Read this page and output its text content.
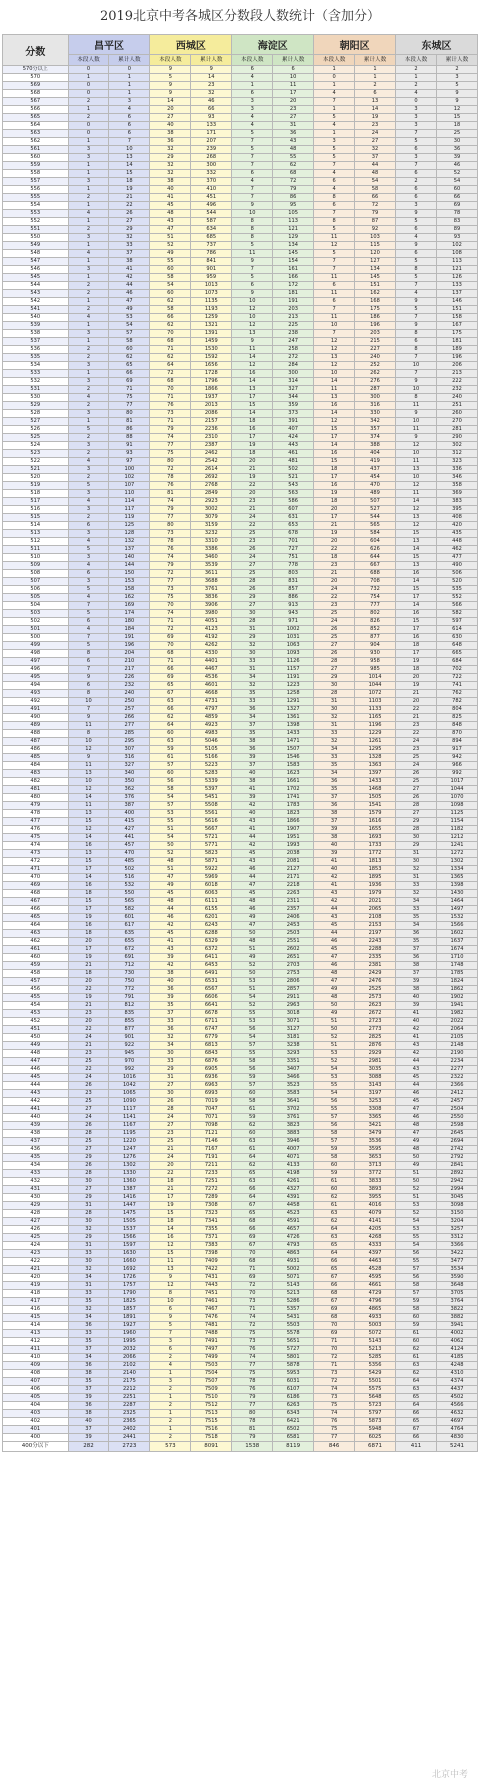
2019北京中考各城区分数段人数统计（含加分）
分数	昌平区		西城区		海淀区		朝阳区		东城区	
	本段人数	累计人数	本段人数	累计人数	本段人数	累计人数	本段人数	累计人数	本段人数	累计人数
570分以上	0	0	9	9	6	6	1	1	2	2
570	1	1	5	14	4	10	0	1	1	3
569	0	1	9	23	1	11	1	2	2	5
568	0	1	9	32	6	17	4	6	4	9
567	2	3	14	46	3	20	7	13	0	9
566	1	4	20	66	3	23	1	14	3	12
565	2	6	27	93	4	27	5	19	3	15
564	0	6	40	133	4	31	4	23	3	18
563	0	6	38	171	5	36	1	24	7	25
562	1	7	36	207	7	43	3	27	5	30
561	3	10	32	239	5	48	5	32	6	36
560	3	13	29	268	7	55	5	37	3	39
559	1	14	32	300	7	62	7	44	7	46
558	1	15	32	332	6	68	4	48	6	52
557	3	18	38	370	4	72	6	54	2	54
556	1	19	40	410	7	79	4	58	6	60
555	2	21	41	451	7	86	8	66	6	66
554	1	22	45	496	9	95	6	72	3	69
553	4	26	48	544	10	105	7	79	9	78
552	1	27	43	587	8	113	8	87	5	83
551	2	29	47	634	8	121	5	92	6	89
550	3	32	51	685	8	129	11	103	4	93
549	1	33	52	737	5	134	12	115	9	102
548	4	37	49	786	11	145	5	120	6	108
547	1	38	55	841	9	154	7	127	5	113
546	3	41	60	901	7	161	7	134	8	121
545	1	42	58	959	5	166	11	145	5	126
544	2	44	54	1013	6	172	6	151	7	133
543	2	46	60	1073	9	181	11	162	4	137
542	1	47	62	1135	10	191	6	168	9	146
541	2	49	58	1193	12	203	7	175	5	151
540	4	53	66	1259	10	213	11	186	7	158
539	1	54	62	1321	12	225	10	196	9	167
538	3	57	70	1391	13	238	7	203	8	175
537	1	58	68	1459	9	247	12	215	6	181
536	2	60	71	1530	11	258	12	227	8	189
535	2	62	62	1592	14	272	13	240	7	196
534	3	65	64	1656	12	284	12	252	10	206
533	1	66	72	1728	16	300	10	262	7	213
532	3	69	68	1796	14	314	14	276	9	222
531	2	71	70	1866	13	327	11	287	10	232
530	4	75	71	1937	17	344	13	300	8	240
529	2	77	76	2013	15	359	16	316	11	251
528	3	80	73	2086	14	373	14	330	9	260
527	1	81	71	2157	18	391	12	342	10	270
526	5	86	79	2236	16	407	15	357	11	281
525	2	88	74	2310	17	424	17	374	9	290
524	3	91	77	2387	19	443	14	388	12	302
523	2	93	75	2462	18	461	16	404	10	312
522	4	97	80	2542	20	481	15	419	11	323
521	3	100	72	2614	21	502	18	437	13	336
520	2	102	78	2692	19	521	17	454	10	346
519	5	107	76	2768	22	543	16	470	12	358
518	3	110	81	2849	20	563	19	489	11	369
517	4	114	74	2923	23	586	18	507	14	383
516	3	117	79	3002	21	607	20	527	12	395
515	2	119	77	3079	24	631	17	544	13	408
514	6	125	80	3159	22	653	21	565	12	420
513	3	128	73	3232	25	678	19	584	15	435
512	4	132	78	3310	23	701	20	604	13	448
511	5	137	76	3386	26	727	22	626	14	462
510	3	140	74	3460	24	751	18	644	15	477
509	4	144	79	3539	27	778	23	667	13	490
508	6	150	72	3611	25	803	21	688	16	506
507	3	153	77	3688	28	831	20	708	14	520
506	5	158	73	3761	26	857	24	732	15	535
505	4	162	75	3836	29	886	22	754	17	552
504	7	169	70	3906	27	913	23	777	14	566
503	5	174	74	3980	30	943	25	802	16	582
502	6	180	71	4051	28	971	24	826	15	597
501	4	184	72	4123	31	1002	26	852	17	614
500	7	191	69	4192	29	1031	25	877	16	630
499	5	196	70	4262	32	1063	27	904	18	648
498	8	204	68	4330	30	1093	26	930	17	665
497	6	210	71	4401	33	1126	28	958	19	684
496	7	217	66	4467	31	1157	27	985	18	702
495	9	226	69	4536	34	1191	29	1014	20	722
494	6	232	65	4601	32	1223	30	1044	19	741
493	8	240	67	4668	35	1258	28	1072	21	762
492	10	250	63	4731	33	1291	31	1103	20	782
491	7	257	66	4797	36	1327	30	1133	22	804
490	9	266	62	4859	34	1361	32	1165	21	825
489	11	277	64	4923	37	1398	31	1196	23	848
488	8	285	60	4983	35	1433	33	1229	22	870
487	10	295	63	5046	38	1471	32	1261	24	894
486	12	307	59	5105	36	1507	34	1295	23	917
485	9	316	61	5166	39	1546	33	1328	25	942
484	11	327	57	5223	37	1583	35	1363	24	966
483	13	340	60	5283	40	1623	34	1397	26	992
482	10	350	56	5339	38	1661	36	1433	25	1017
481	12	362	58	5397	41	1702	35	1468	27	1044
480	14	376	54	5451	39	1741	37	1505	26	1070
479	11	387	57	5508	42	1783	36	1541	28	1098
478	13	400	53	5561	40	1823	38	1579	27	1125
477	15	415	55	5616	43	1866	37	1616	29	1154
476	12	427	51	5667	41	1907	39	1655	28	1182
475	14	441	54	5721	44	1951	38	1693	30	1212
474	16	457	50	5771	42	1993	40	1733	29	1241
473	13	470	52	5823	45	2038	39	1772	31	1272
472	15	485	48	5871	43	2081	41	1813	30	1302
471	17	502	51	5922	46	2127	40	1853	32	1334
470	14	516	47	5969	44	2171	42	1895	31	1365
469	16	532	49	6018	47	2218	41	1936	33	1398
468	18	550	45	6063	45	2263	43	1979	32	1430
467	15	565	48	6111	48	2311	42	2021	34	1464
466	17	582	44	6155	46	2357	44	2065	33	1497
465	19	601	46	6201	49	2406	43	2108	35	1532
464	16	617	42	6243	47	2453	45	2153	34	1566
463	18	635	45	6288	50	2503	44	2197	36	1602
462	20	655	41	6329	48	2551	46	2243	35	1637
461	17	672	43	6372	51	2602	45	2288	37	1674
460	19	691	39	6411	49	2651	47	2335	36	1710
459	21	712	42	6453	52	2703	46	2381	38	1748
458	18	730	38	6491	50	2753	48	2429	37	1785
457	20	750	40	6531	53	2806	47	2476	39	1824
456	22	772	36	6567	51	2857	49	2525	38	1862
455	19	791	39	6606	54	2911	48	2573	40	1902
454	21	812	35	6641	52	2963	50	2623	39	1941
453	23	835	37	6678	55	3018	49	2672	41	1982
452	20	855	33	6711	53	3071	51	2723	40	2022
451	22	877	36	6747	56	3127	50	2773	42	2064
450	24	901	32	6779	54	3181	52	2825	41	2105
449	21	922	34	6813	57	3238	51	2876	43	2148
448	23	945	30	6843	55	3293	53	2929	42	2190
447	25	970	33	6876	58	3351	52	2981	44	2234
446	22	992	29	6905	56	3407	54	3035	43	2277
445	24	1016	31	6936	59	3466	53	3088	45	2322
444	26	1042	27	6963	57	3523	55	3143	44	2366
443	23	1065	30	6993	60	3583	54	3197	46	2412
442	25	1090	26	7019	58	3641	56	3253	45	2457
441	27	1117	28	7047	61	3702	55	3308	47	2504
440	24	1141	24	7071	59	3761	57	3365	46	2550
439	26	1167	27	7098	62	3823	56	3421	48	2598
438	28	1195	23	7121	60	3883	58	3479	47	2645
437	25	1220	25	7146	63	3946	57	3536	49	2694
436	27	1247	21	7167	61	4007	59	3595	48	2742
435	29	1276	24	7191	64	4071	58	3653	50	2792
434	26	1302	20	7211	62	4133	60	3713	49	2841
433	28	1330	22	7233	65	4198	59	3772	51	2892
432	30	1360	18	7251	63	4261	61	3833	50	2942
431	27	1387	21	7272	66	4327	60	3893	52	2994
430	29	1416	17	7289	64	4391	62	3955	51	3045
429	31	1447	19	7308	67	4458	61	4016	53	3098
428	28	1475	15	7323	65	4523	63	4079	52	3150
427	30	1505	18	7341	68	4591	62	4141	54	3204
426	32	1537	14	7355	66	4657	64	4205	53	3257
425	29	1566	16	7371	69	4726	63	4268	55	3312
424	31	1597	12	7383	67	4793	65	4333	54	3366
423	33	1630	15	7398	70	4863	64	4397	56	3422
422	30	1660	11	7409	68	4931	66	4463	55	3477
421	32	1692	13	7422	71	5002	65	4528	57	3534
420	34	1726	9	7431	69	5071	67	4595	56	3590
419	31	1757	12	7443	72	5143	66	4661	58	3648
418	33	1790	8	7451	70	5213	68	4729	57	3705
417	35	1825	10	7461	73	5286	67	4796	59	3764
416	32	1857	6	7467	71	5357	69	4865	58	3822
415	34	1891	9	7476	74	5431	68	4933	60	3882
414	36	1927	5	7481	72	5503	70	5003	59	3941
413	33	1960	7	7488	75	5578	69	5072	61	4002
412	35	1995	3	7491	73	5651	71	5143	60	4062
411	37	2032	6	7497	76	5727	70	5213	62	4124
410	34	2066	2	7499	74	5801	72	5285	61	4185
409	36	2102	4	7503	77	5878	71	5356	63	4248
408	38	2140	1	7504	75	5953	73	5429	62	4310
407	35	2175	3	7507	78	6031	72	5501	64	4374
406	37	2212	2	7509	76	6107	74	5575	63	4437
405	39	2251	1	7510	79	6186	73	5648	65	4502
404	36	2287	2	7512	77	6263	75	5723	64	4566
403	38	2325	1	7513	80	6343	74	5797	66	4632
402	40	2365	2	7515	78	6421	76	5873	65	4697
401	37	2402	1	7516	81	6502	75	5948	67	4764
400	39	2441	2	7518	79	6581	77	6025	66	4830
400分以下	282	2723	573	8091	1538	8119	846	6871	411	5241
北京中考
